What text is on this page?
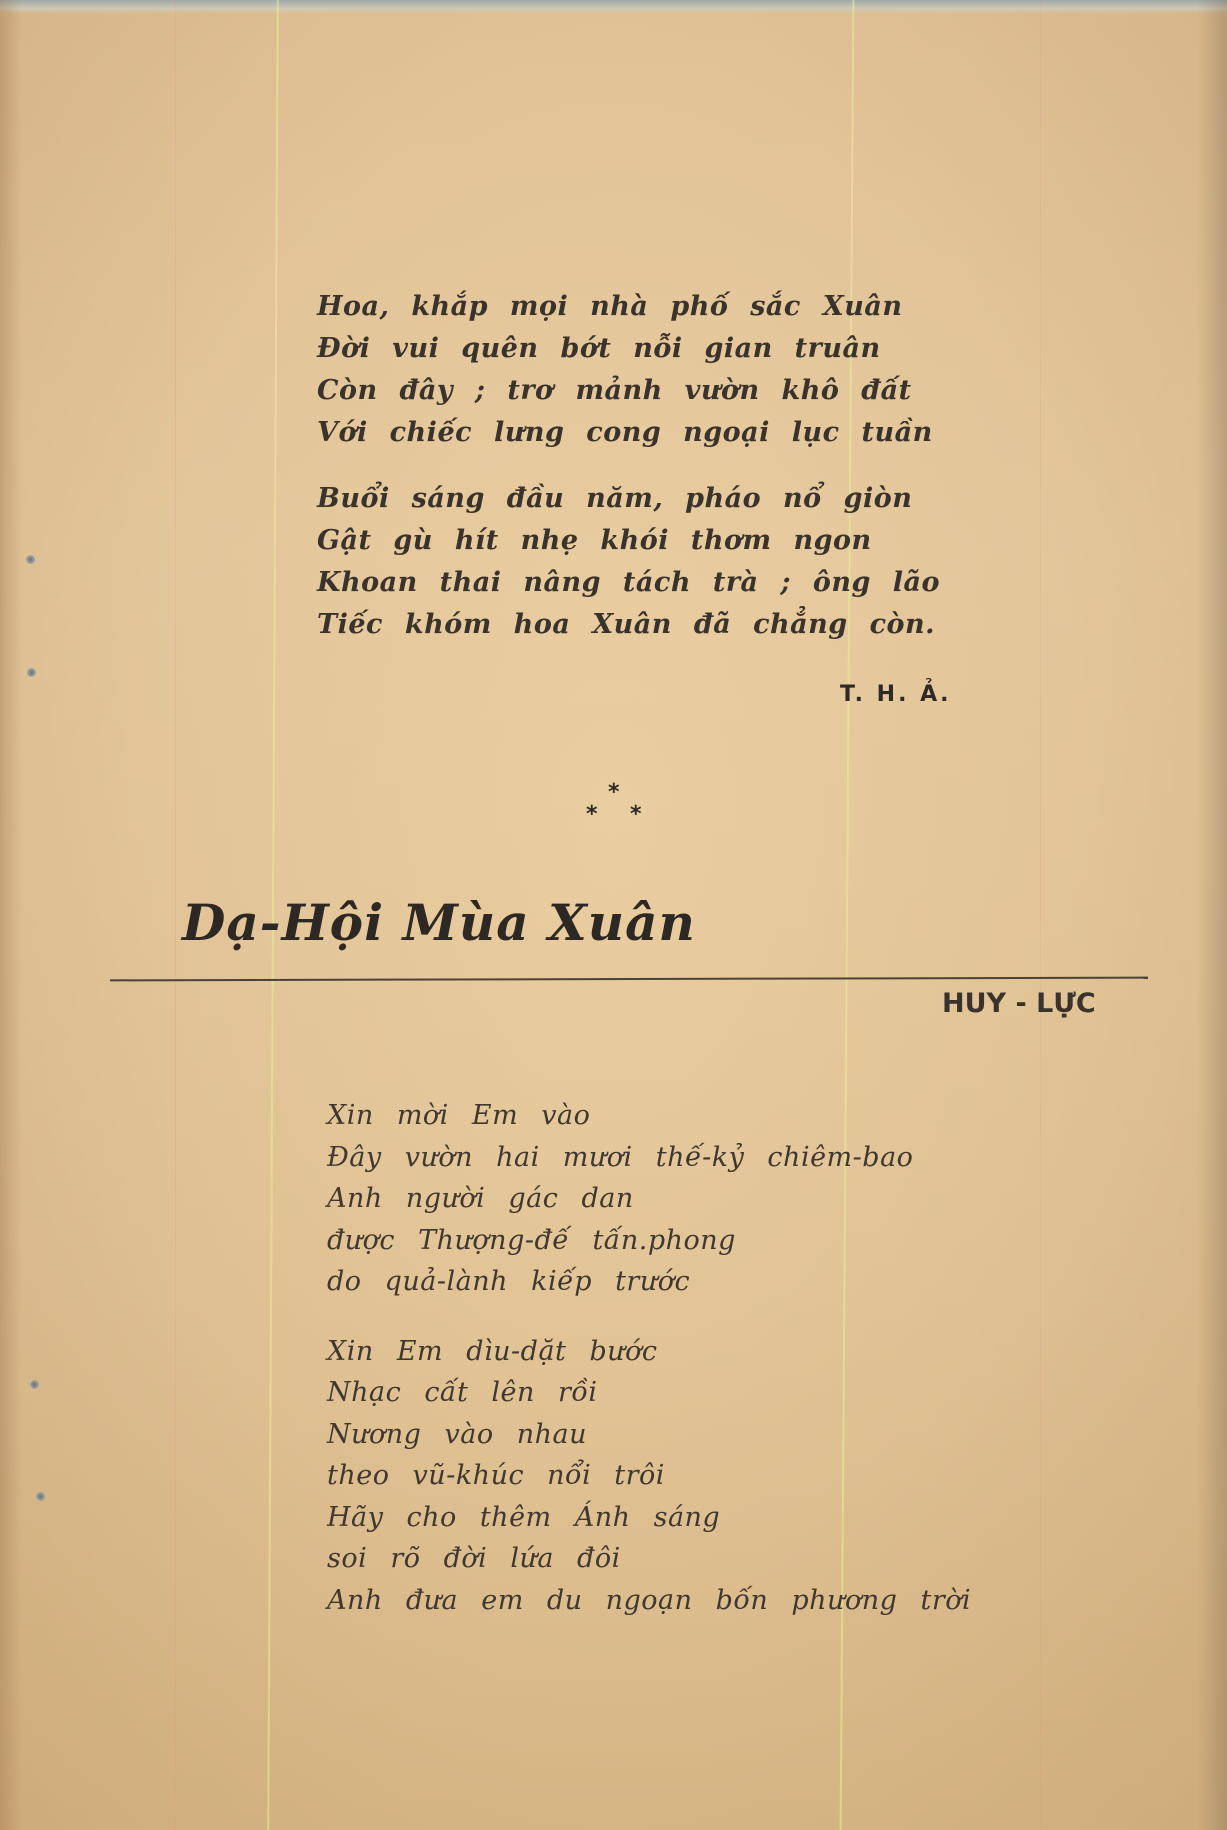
Hoa, khắp mọi nhà phố sắc Xuân
Đời vui quên bớt nỗi gian truân
Còn đây ; trơ mảnh vườn khô đất
Với chiếc lưng cong ngoại lục tuần
Buổi sáng đầu năm, pháo nổ giòn
Gật gù hít nhẹ khói thơm ngon
Khoan thai nâng tách trà ; ông lão
Tiếc khóm hoa Xuân đã chẳng còn.
T. H. Ả.
*
* *
Dạ-Hội Mùa Xuân
HUY - LỰC
Xin mời Em vào
Đây vườn hai mươi thế-kỷ chiêm-bao
Anh người gác dan
được Thượng-đế tấn.phong
do quả-lành kiếp trước
Xin Em dìu-dặt bước
Nhạc cất lên rồi
Nương vào nhau
theo vũ-khúc nổi trôi
Hãy cho thêm Ánh sáng
soi rõ đời lứa đôi
Anh đưa em du ngoạn bốn phương trời
